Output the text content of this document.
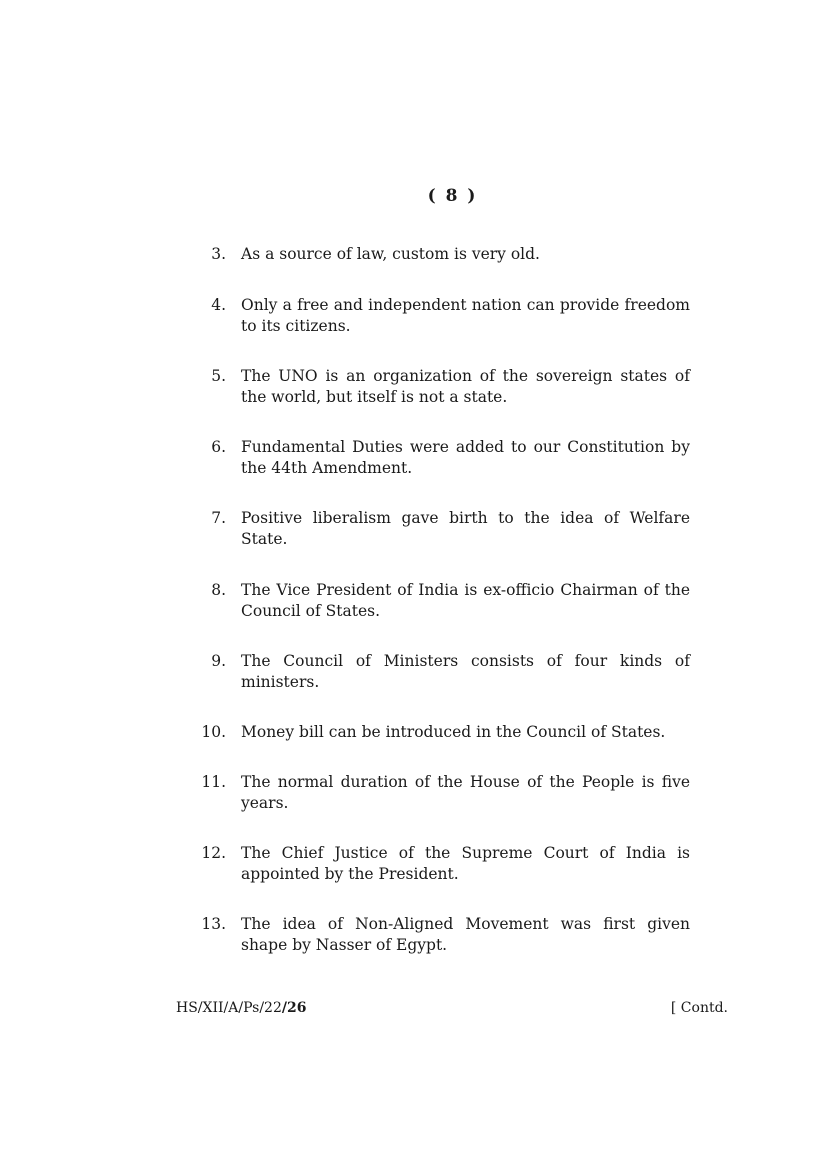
( 8 )
3. As a source of law, custom is very old.
4. Only a free and independent nation can provide freedom to its citizens.
5. The UNO is an organization of the sovereign states of the world, but itself is not a state.
6. Fundamental Duties were added to our Constitution by the 44th Amendment.
7. Positive liberalism gave birth to the idea of Welfare State.
8. The Vice President of India is ex-officio Chairman of the Council of States.
9. The Council of Ministers consists of four kinds of ministers.
10. Money bill can be introduced in the Council of States.
11. The normal duration of the House of the People is five years.
12. The Chief Justice of the Supreme Court of India is appointed by the President.
13. The idea of Non-Aligned Movement was first given shape by Nasser of Egypt.
HS/XII/A/Ps/22/26	[ Contd.
